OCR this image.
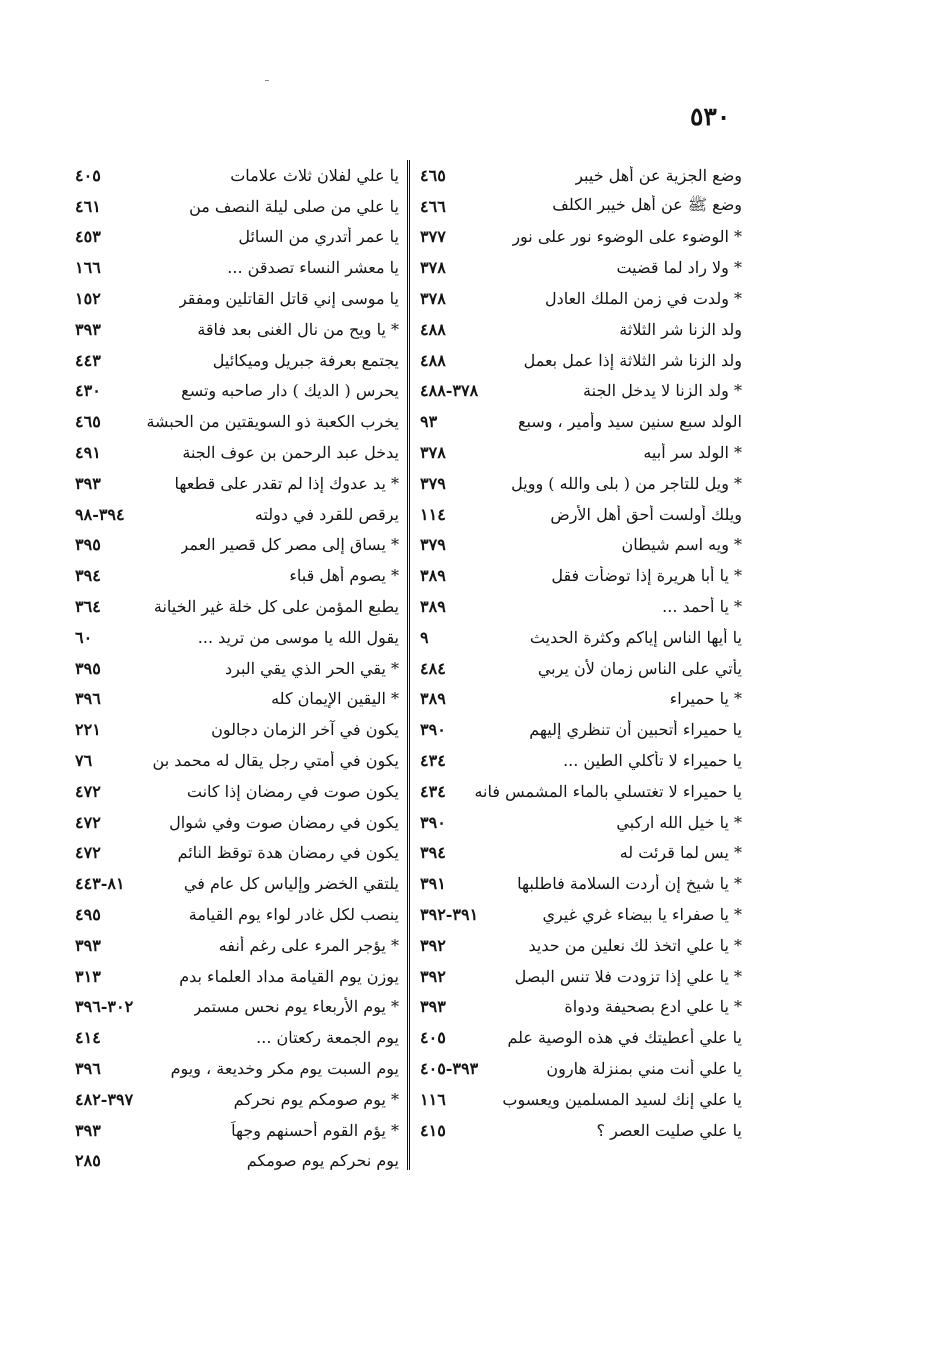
٥٣٠
وضع الجزية عن أهل خيبر
٤٦٥
وضع ﷺ عن أهل خيبر الكلف
٤٦٦
* الوضوء على الوضوء نور على نور
٣٧٧
* ولا راد لما قضيت
٣٧٨
* ولدت في زمن الملك العادل
٣٧٨
ولد الزنا شر الثلاثة
٤٨٨
ولد الزنا شر الثلاثة إذا عمل بعمل
٤٨٨
* ولد الزنا لا يدخل الجنة
٣٧٨-٤٨٨
الولد سبع سنين سيد وأمير ، وسبع
٩٣
* الولد سر أبيه
٣٧٨
* ويل للتاجر من ( بلى والله ) وويل
٣٧٩
ويلك أولست أحق أهل الأرض
١١٤
* ويه اسم شيطان
٣٧٩
* يا أبا هريرة إذا توضأت فقل
٣٨٩
* يا أحمد ...
٣٨٩
يا أيها الناس إياكم وكثرة الحديث
٩
يأتي على الناس زمان لأن يربي
٤٨٤
* يا حميراء
٣٨٩
يا حميراء أتحبين أن تنظري إليهم
٣٩٠
يا حميراء لا تأكلي الطين ...
٤٣٤
يا حميراء لا تغتسلي بالماء المشمس فانه
٤٣٤
* يا خيل الله اركبي
٣٩٠
* يس لما قرئت له
٣٩٤
* يا شيخ إن أردت السلامة فاطلبها
٣٩١
* يا صفراء يا بيضاء غري غيري
٣٩١-٣٩٢
* يا علي اتخذ لك نعلين من حديد
٣٩٢
* يا علي إذا تزودت فلا تنس البصل
٣٩٢
* يا علي ادع بصحيفة ودواة
٣٩٣
يا علي أعطيتك في هذه الوصية علم
٤٠٥
يا علي أنت مني بمنزلة هارون
٣٩٣-٤٠٥
يا علي إنك لسيد المسلمين ويعسوب
١١٦
يا علي صليت العصر ؟
٤١٥
يا علي لفلان ثلاث علامات
٤٠٥
يا علي من صلى ليلة النصف من
٤٦١
يا عمر أتدري من السائل
٤٥٣
يا معشر النساء تصدقن ...
١٦٦
يا موسى إني قاتل القاتلين ومفقر
١٥٢
* يا ويح من نال الغنى بعد فاقة
٣٩٣
يجتمع بعرفة جبريل وميكائيل
٤٤٣
يحرس ( الديك ) دار صاحبه وتسع
٤٣٠
يخرب الكعبة ذو السويقتين من الحبشة
٤٦٥
يدخل عبد الرحمن بن عوف الجنة
٤٩١
* يد عدوك إذا لم تقدر على قطعها
٣٩٣
يرقص للقرد في دولته
٣٩٤-٩٨
* يساق إلى مصر كل قصير العمر
٣٩٥
* يصوم أهل قباء
٣٩٤
يطبع المؤمن على كل خلة غير الخيانة
٣٦٤
يقول الله يا موسى من تريد ...
٦٠
* يقي الحر الذي يقي البرد
٣٩٥
* اليقين الإيمان كله
٣٩٦
يكون في آخر الزمان دجالون
٢٢١
يكون في أمتي رجل يقال له محمد بن
٧٦
يكون صوت في رمضان إذا كانت
٤٧٢
يكون في رمضان صوت وفي شوال
٤٧٢
يكون في رمضان هدة توقظ النائم
٤٧٢
يلتقي الخضر وإلياس كل عام في
٨١-٤٤٣
ينصب لكل غادر لواء يوم القيامة
٤٩٥
* يؤجر المرء على رغم أنفه
٣٩٣
يوزن يوم القيامة مداد العلماء بدم
٣١٣
* يوم الأربعاء يوم نحس مستمر
٣٠٢-٣٩٦
يوم الجمعة ركعتان ...
٤١٤
يوم السبت يوم مكر وخديعة ، ويوم
٣٩٦
* يوم صومكم يوم نحركم
٣٩٧-٤٨٢
* يؤم القوم أحسنهم وجهاً
٣٩٣
يوم نحركم يوم صومكم
٢٨٥
